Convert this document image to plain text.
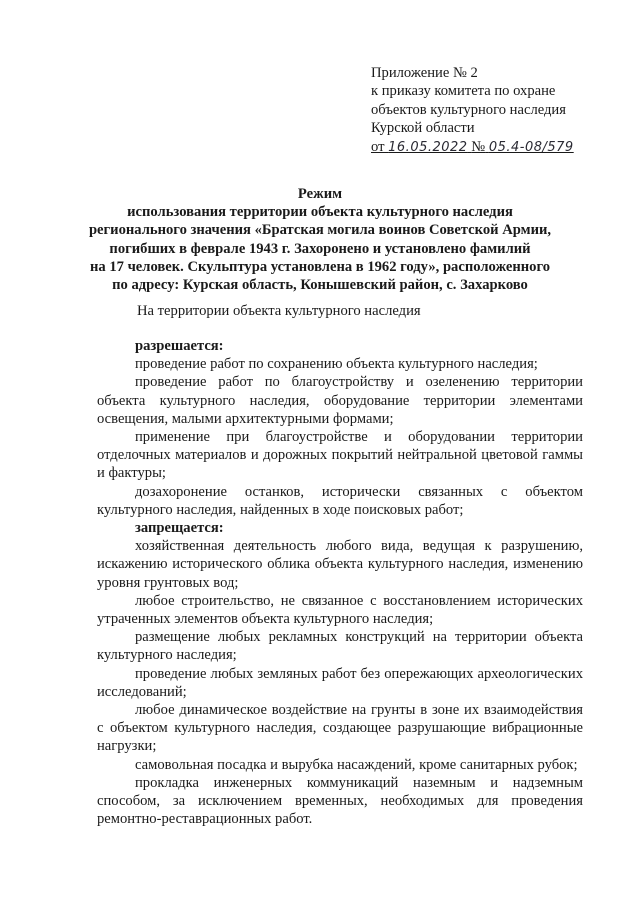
Приложение № 2
к приказу комитета по охране
объектов культурного наследия
Курской области
от 16.05.2022 № 05.4-08/579
Режим
использования территории объекта культурного наследия
регионального значения «Братская могила воинов Советской Армии,
погибших в феврале 1943 г. Захоронено и установлено фамилий
на 17 человек. Скульптура установлена в 1962 году», расположенного
по адресу: Курская область, Конышевский район, с. Захарково
На территории объекта культурного наследия

разрешается:

проведение работ по сохранению объекта культурного наследия;

проведение работ по благоустройству и озеленению территории объекта культурного наследия, оборудование территории элементами освещения, малыми архитектурными формами;

применение при благоустройстве и оборудовании территории отделочных материалов и дорожных покрытий нейтральной цветовой гаммы и фактуры;

дозахоронение останков, исторически связанных с объектом культурного наследия, найденных в ходе поисковых работ;

запрещается:

хозяйственная деятельность любого вида, ведущая к разрушению, искажению исторического облика объекта культурного наследия, изменению уровня грунтовых вод;

любое строительство, не связанное с восстановлением исторических утраченных элементов объекта культурного наследия;

размещение любых рекламных конструкций на территории объекта культурного наследия;

проведение любых земляных работ без опережающих археологических исследований;

любое динамическое воздействие на грунты в зоне их взаимодействия с объектом культурного наследия, создающее разрушающие вибрационные нагрузки;

самовольная посадка и вырубка насаждений, кроме санитарных рубок;

прокладка инженерных коммуникаций наземным и надземным способом, за исключением временных, необходимых для проведения ремонтно-реставрационных работ.
